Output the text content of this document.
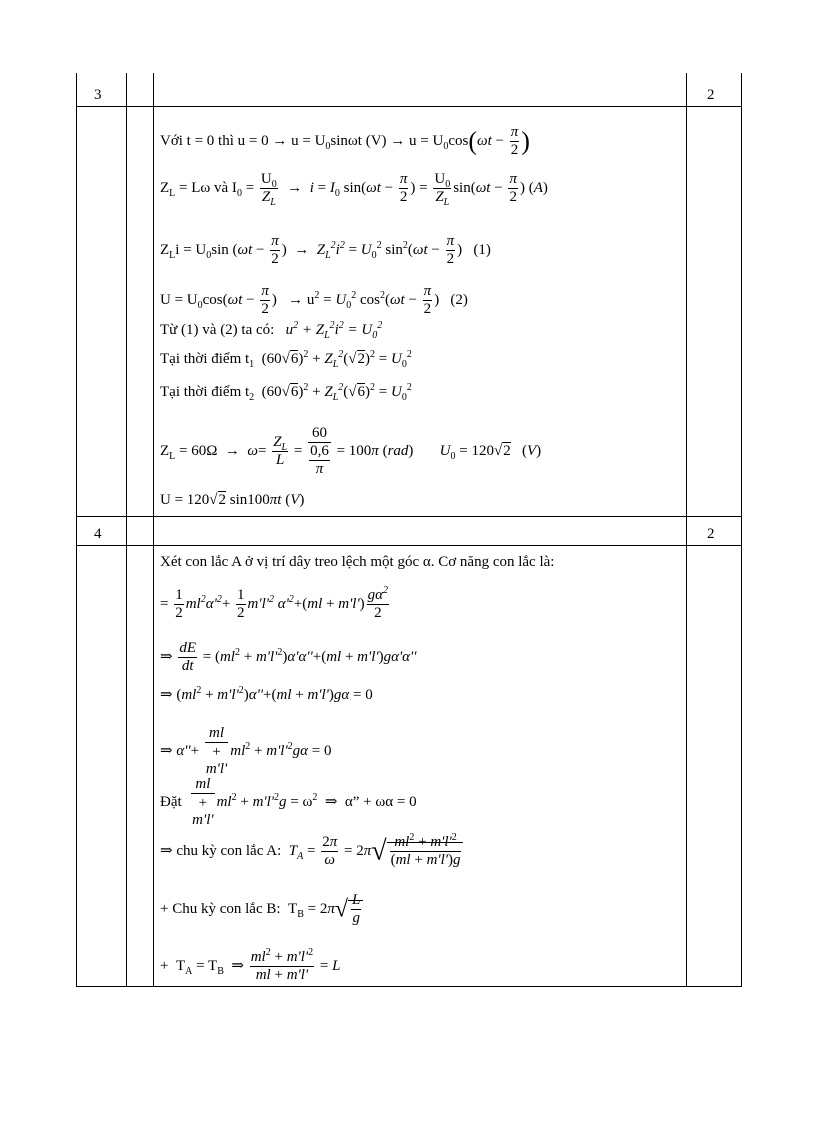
3	2
4	2
Với t = 0 thì $u = 0 \to u = U_0\sin\omega t$ $(V) \to u = U_0\cos(\omega t - \frac{\pi}{2}$ )
$Z_L = L\omega$ và $I_0 = \frac{U_0}{Z_L} \to i = I_0$ $\sin(\omega t - \frac{\pi}{2}$ ) = $\frac{U_0}{Z_L} \sin(\omega t - \frac{\pi}{2}$ ) (A)
$Z_Li = U_0\sin$ ($\omega t - \frac{\pi}{2}$ )  →  $Z_L^2i^2 = U_0^2$ $\sin^2(\omega t - \frac{\pi}{2}$ )   (1)
$U = U_0\cos(\omega t - \frac{\pi}{2}$ )   → $u^2 = U_0^2$ $\cos^2(\omega t - \frac{\pi}{2}$ )   (2)
Từ (1) và (2) ta có: $u^2 + Z_L^2i^2 = U_0^2$
Tại thời điểm $t_1$ $(60√6)^2 + Z_L^2(√2)^2 = U_0^2$
Tại thời điểm $t_2$ $(60√6)^2 + Z_L^2(√6)^2 = U_0^2$
$Z_L = 60\Omega \to \omega= \frac{Z_L}{L} = \frac{60}{\frac{0,6}{\pi}} = 100\pi$ (rad)       $U_0 = 120√2$   (V)
U = 120√2 sin100πt (V)
Xét con lắc A ở vị trí dây treo lệch một góc α. Cơ năng con lắc là:
= $\frac{1}{2} ml^2\alpha'^2+ \frac{1}{2} m'l'^2$ $\alpha'^2+(ml + m'l') \frac{g\alpha^2}{2}$
⇒ $\frac{dE}{dt} = (ml^2 + m'l'^2)\alpha'\alpha''+(ml + m'l')g\alpha'\alpha''$
⇒ $(ml^2 + m'l'^2)\alpha''+(ml + m'l')g\alpha = 0$
⇒ α''+
ml
+
m'l'
$ml^2 + m'l'^2g\alpha = 0$
Đặt
ml
+
m'l'
$ml^2 + m'l'^2g = \omega^2$  ⇒  α” + ωα = 0
⇒ chu kỳ con lắc A: $T_A = \frac{2\pi}{\omega} = 2\pi√ \frac{ml^2 + m'l'^2}{(ml + m'l')g}$
+ Chu kỳ con lắc B: $T_B = 2\pi√ \frac{L}{g}$
+  $T_A = T_B$ ⇒ $\frac{ml^2 + m'l'^2}{ml + m'l'} = L$
